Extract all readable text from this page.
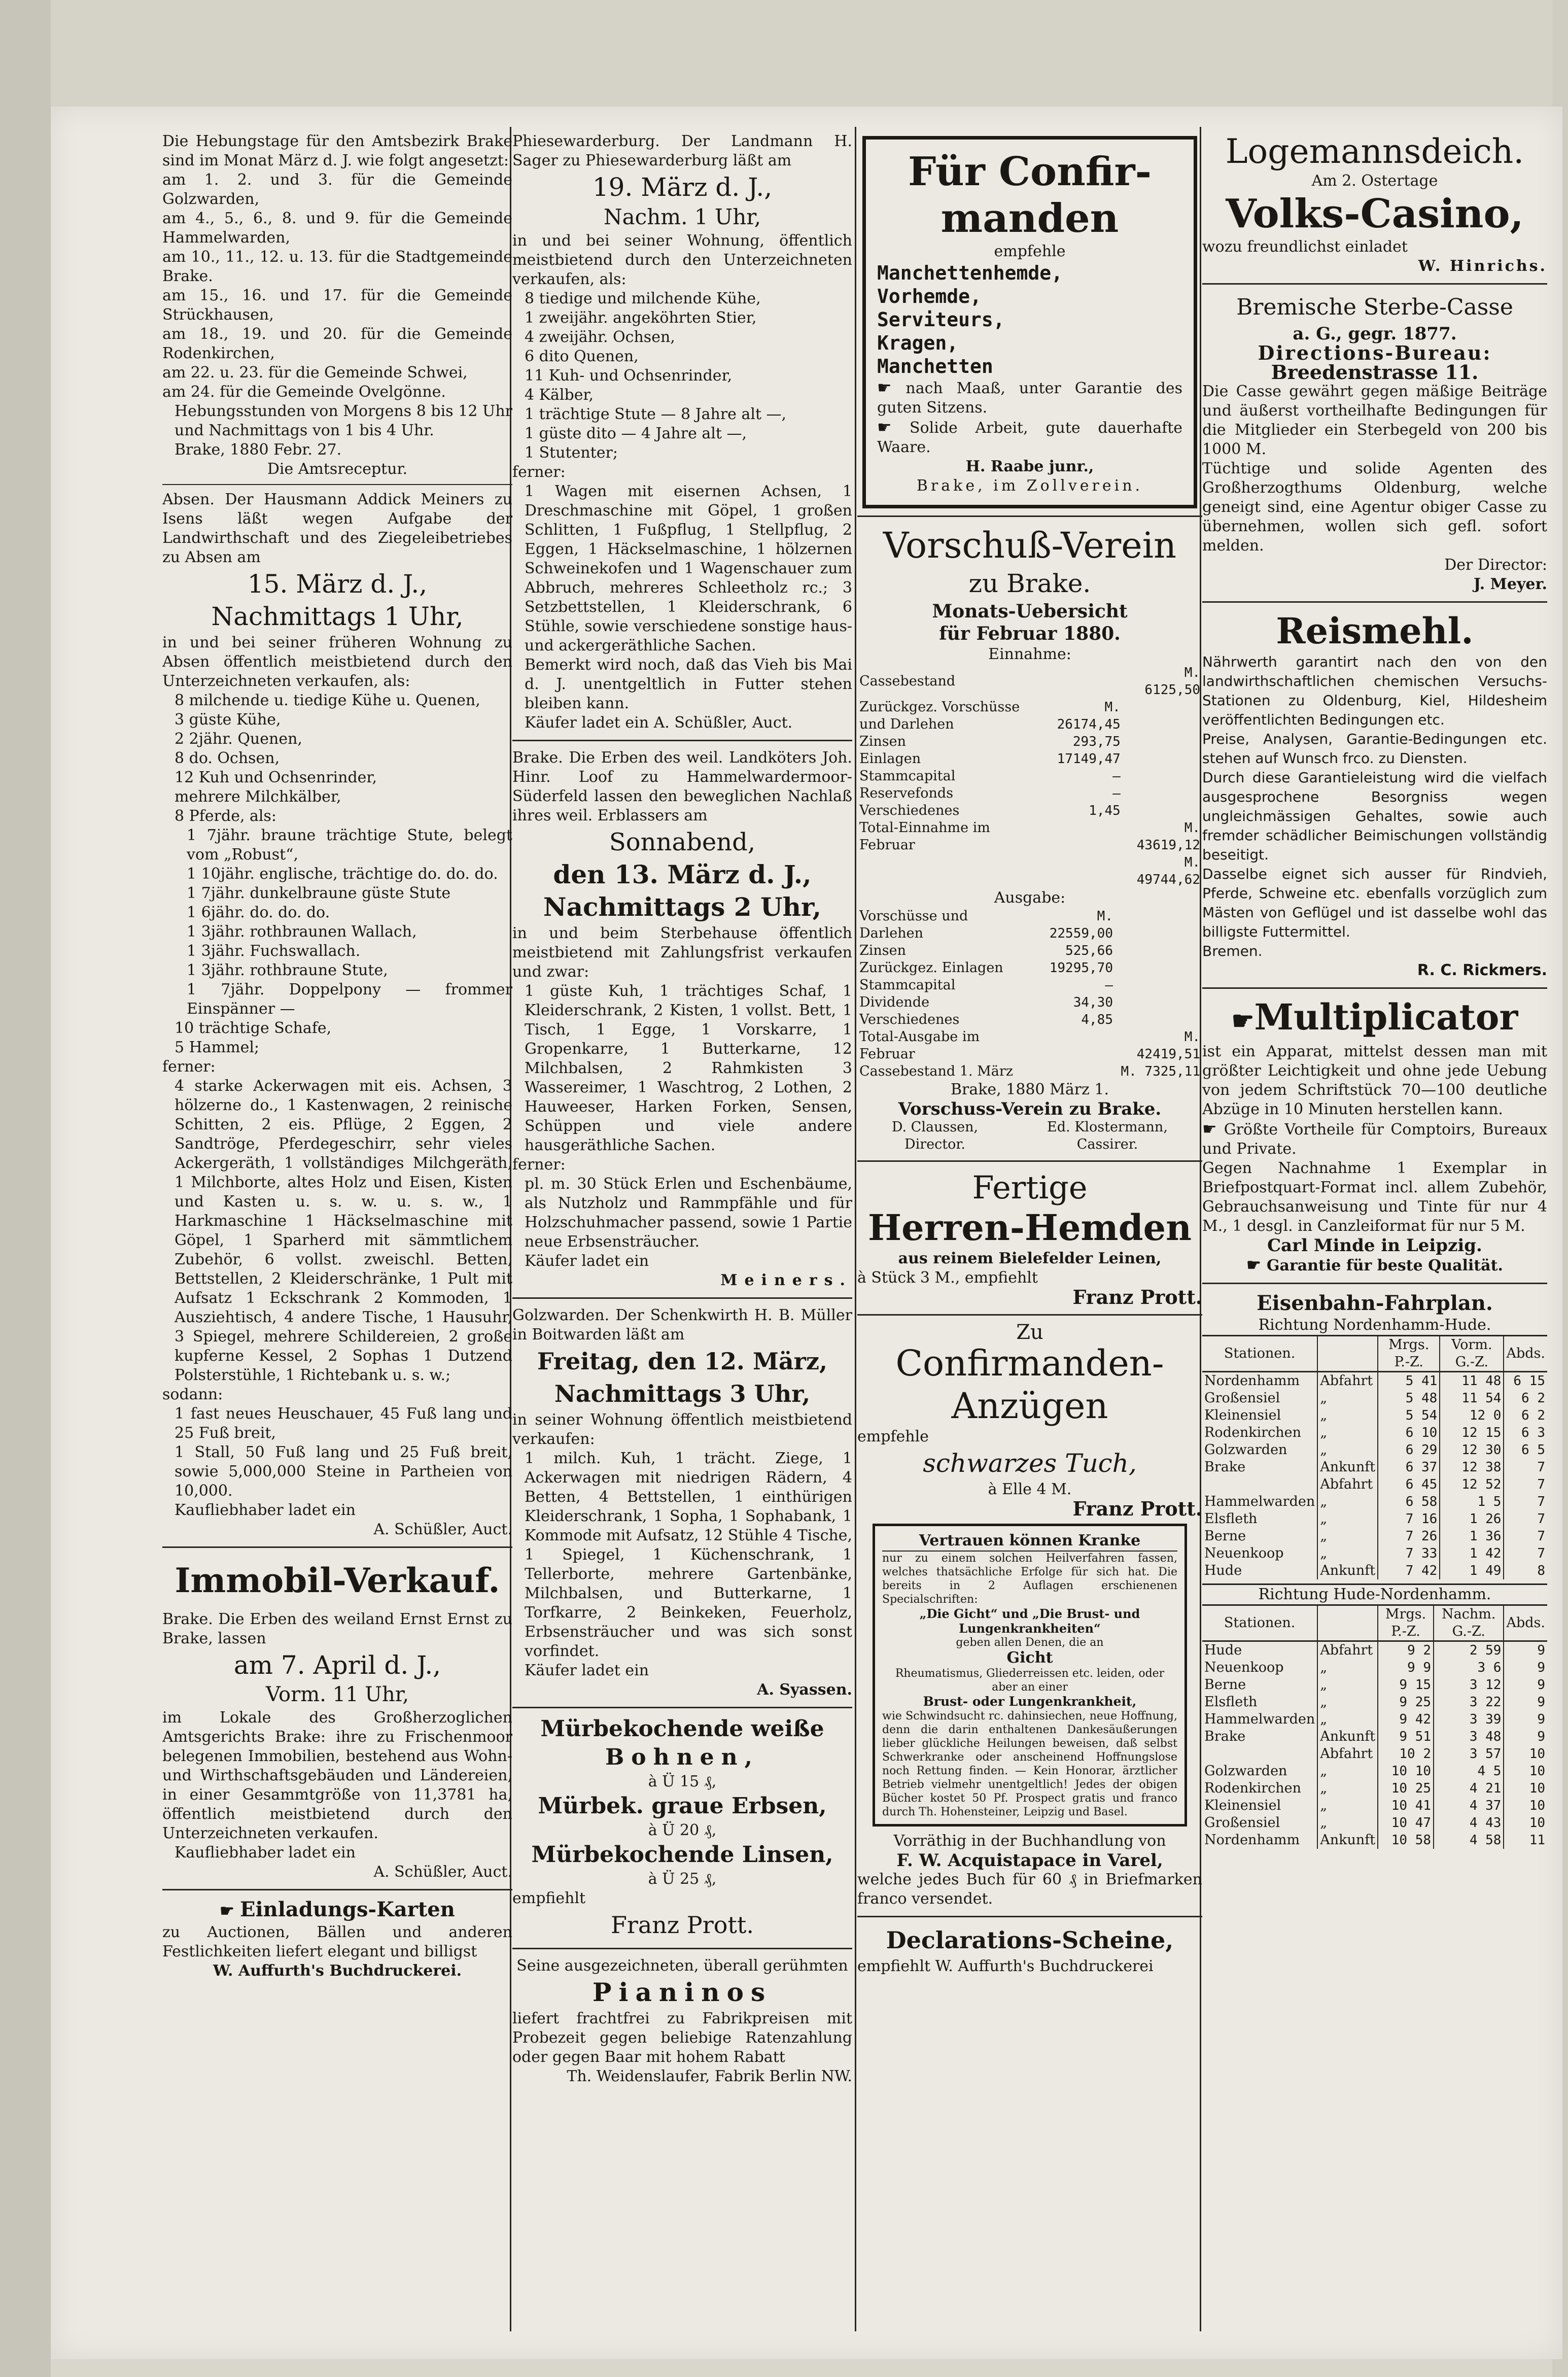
Die Hebungstage für den Amtsbezirk Brake sind im Monat März d. J. wie folgt angesetzt:

am 1. 2. und 3. für die Gemeinde Golzwarden,

am 4., 5., 6., 8. und 9. für die Gemeinde Hammelwarden,

am 10., 11., 12. u. 13. für die Stadtgemeinde Brake.

am 15., 16. und 17. für die Gemeinde Strückhausen,

am 18., 19. und 20. für die Gemeinde Rodenkirchen,

am 22. u. 23. für die Gemeinde Schwei,

am 24. für die Gemeinde Ovelgönne.

Hebungsstunden von Morgens 8 bis 12 Uhr und Nachmittags von 1 bis 4 Uhr.

Brake, 1880 Febr. 27.

Die Amtsreceptur.

Absen. Der Hausmann Addick Meiners zu Isens läßt wegen Aufgabe der Landwirthschaft und des Ziegeleibetriebes zu Absen am

15. März d. J.,

Nachmittags 1 Uhr,

in und bei seiner früheren Wohnung zu Absen öffentlich meistbietend durch den Unterzeichneten verkaufen, als:

8 milchende u. tiedige Kühe u. Quenen,

3 güste Kühe,

2 2jähr. Quenen,

8 do. Ochsen,

12 Kuh und Ochsenrinder,

mehrere Milchkälber,

8 Pferde, als:

1 7jähr. braune trächtige Stute, belegt vom „Robust“,

1 10jähr. englische, trächtige do. do. do.

1 7jähr. dunkelbraune güste Stute

1 6jähr. do. do. do.

1 3jähr. rothbraunen Wallach,

1 3jähr. Fuchswallach.

1 3jähr. rothbraune Stute,

1 7jähr. Doppelpony — frommer Einspänner —

10 trächtige Schafe,

5 Hammel;

ferner:

4 starke Ackerwagen mit eis. Achsen, 3 hölzerne do., 1 Kastenwagen, 2 reinische Schitten, 2 eis. Pflüge, 2 Eggen, 2 Sandtröge, Pferdegeschirr, sehr vieles Ackergeräth, 1 vollständiges Milchgeräth, 1 Milchborte, altes Holz und Eisen, Kisten und Kasten u. s. w. u. s. w., 1 Harkmaschine 1 Häckselmaschine mit Göpel, 1 Sparherd mit sämmtlichem Zubehör, 6 vollst. zweischl. Betten, Bettstellen, 2 Kleiderschränke, 1 Pult mit Aufsatz 1 Eckschrank 2 Kommoden, 1 Ausziehtisch, 4 andere Tische, 1 Hausuhr, 3 Spiegel, mehrere Schildereien, 2 große kupferne Kessel, 2 Sophas 1 Dutzend Polsterstühle, 1 Richtebank u. s. w.;

sodann:

1 fast neues Heuschauer, 45 Fuß lang und 25 Fuß breit,

1 Stall, 50 Fuß lang und 25 Fuß breit, sowie 5,000,000 Steine in Partheien von 10,000.

Kaufliebhaber ladet ein

A. Schüßler, Auct.

Immobil-Verkauf.

Brake. Die Erben des weiland Ernst Ernst zu Brake, lassen

am 7. April d. J.,

Vorm. 11 Uhr,

im Lokale des Großherzoglichen Amtsgerichts Brake: ihre zu Frischenmoor belegenen Immobilien, bestehend aus Wohn- und Wirthschaftsgebäuden und Ländereien, in einer Gesammtgröße von 11,3781 ha, öffentlich meistbietend durch den Unterzeichneten verkaufen.

Kaufliebhaber ladet ein

A. Schüßler, Auct.

☛ Einladungs-Karten

zu Auctionen, Bällen und anderen Festlichkeiten liefert elegant und billigst

W. Auffurth's Buchdruckerei.

Phiesewarderburg. Der Landmann H. Sager zu Phiesewarderburg läßt am

19. März d. J.,

Nachm. 1 Uhr,

in und bei seiner Wohnung, öffentlich meistbietend durch den Unterzeichneten verkaufen, als:

8 tiedige und milchende Kühe,

1 zweijähr. angeköhrten Stier,

4 zweijähr. Ochsen,

6 dito Quenen,

11 Kuh- und Ochsenrinder,

4 Kälber,

1 trächtige Stute — 8 Jahre alt —,

1 güste dito — 4 Jahre alt —,

1 Stutenter;

ferner:

1 Wagen mit eisernen Achsen, 1 Dreschmaschine mit Göpel, 1 großen Schlitten, 1 Fußpflug, 1 Stellpflug, 2 Eggen, 1 Häckselmaschine, 1 hölzernen Schweinekofen und 1 Wagenschauer zum Abbruch, mehreres Schleetholz rc.; 3 Setzbettstellen, 1 Kleiderschrank, 6 Stühle, sowie verschiedene sonstige haus- und ackergeräthliche Sachen.

Bemerkt wird noch, daß das Vieh bis Mai d. J. unentgeltlich in Futter stehen bleiben kann.

Käufer ladet ein A. Schüßler, Auct.

Brake. Die Erben des weil. Landköters Joh. Hinr. Loof zu Hammelwardermoor-Süderfeld lassen den beweglichen Nachlaß ihres weil. Erblassers am

Sonnabend,

den 13. März d. J.,

Nachmittags 2 Uhr,

in und beim Sterbehause öffentlich meistbietend mit Zahlungsfrist verkaufen und zwar:

1 güste Kuh, 1 trächtiges Schaf, 1 Kleiderschrank, 2 Kisten, 1 vollst. Bett, 1 Tisch, 1 Egge, 1 Vorskarre, 1 Gropenkarre, 1 Butterkarne, 12 Milchbalsen, 2 Rahmkisten 3 Wassereimer, 1 Waschtrog, 2 Lothen, 2 Hauweeser, Harken Forken, Sensen, Schüppen und viele andere hausgeräthliche Sachen.

ferner:

pl. m. 30 Stück Erlen und Eschenbäume, als Nutzholz und Rammpfähle und für Holzschuhmacher passend, sowie 1 Partie neue Erbsensträucher.

Käufer ladet ein

Meiners.

Golzwarden. Der Schenkwirth H. B. Müller in Boitwarden läßt am

Freitag, den 12. März,

Nachmittags 3 Uhr,

in seiner Wohnung öffentlich meistbietend verkaufen:

1 milch. Kuh, 1 trächt. Ziege, 1 Ackerwagen mit niedrigen Rädern, 4 Betten, 4 Bettstellen, 1 einthürigen Kleiderschrank, 1 Sopha, 1 Sophabank, 1 Kommode mit Aufsatz, 12 Stühle 4 Tische, 1 Spiegel, 1 Küchenschrank, 1 Tellerborte, mehrere Gartenbänke, Milchbalsen, und Butterkarne, 1 Torfkarre, 2 Beinkeken, Feuerholz, Erbsensträucher und was sich sonst vorfindet.

Käufer ladet ein

A. Syassen.

Mürbekochende weiße

Bohnen,

à Ü 15 ₰,

Mürbek. graue Erbsen,

à Ü 20 ₰,

Mürbekochende Linsen,

à Ü 25 ₰,

empfiehlt

Franz Prott.

Seine ausgezeichneten, überall gerühmten

Pianinos

liefert frachtfrei zu Fabrikpreisen mit Probezeit gegen beliebige Ratenzahlung oder gegen Baar mit hohem Rabatt

Th. Weidenslaufer, Fabrik Berlin NW.

Für Confir-

manden

empfehle

Manchettenhemde,

Vorhemde,

Serviteurs,

Kragen,

Manchetten

☛ nach Maaß, unter Garantie des guten Sitzens.

☛ Solide Arbeit, gute dauerhafte Waare.

H. Raabe junr.,

Brake, im Zollverein.

Vorschuß-Verein

zu Brake.

Monats-Uebersicht

für Februar 1880.

Einnahme:

Cassebestand		M. 6125,50
Zurückgez. Vorschüsse und Darlehen	M. 26174,45	
Zinsen	293,75	
Einlagen	17149,47	
Stammcapital	—	
Reservefonds	—	
Verschiedenes	1,45	
Total-Einnahme im Februar		M. 43619,12
		M. 49744,62

Ausgabe:

Vorschüsse und Darlehen	M. 22559,00	
Zinsen	525,66	
Zurückgez. Einlagen	19295,70	
Stammcapital	—	
Dividende	34,30	
Verschiedenes	4,85	
Total-Ausgabe im Februar		M. 42419,51
Cassebestand 1. März		M. 7325,11

Brake, 1880 März 1.

Vorschuss-Verein zu Brake.

D. Claussen, Director.	Ed. Klostermann, Cassirer.

Fertige

Herren-Hemden

aus reinem Bielefelder Leinen,

à Stück 3 M., empfiehlt

Franz Prott.

Zu

Confirmanden-

Anzügen

empfehle

schwarzes Tuch,

à Elle 4 M.

Franz Prott.

Vertrauen können Kranke

nur zu einem solchen Heilverfahren fassen, welches thatsächliche Erfolge für sich hat. Die bereits in 2 Auflagen erschienenen Specialschriften:

„Die Gicht“ und „Die Brust- und Lungenkrankheiten“

geben allen Denen, die an

Gicht

Rheumatismus, Gliederreissen etc. leiden, oder aber an einer

Brust- oder Lungenkrankheit,

wie Schwindsucht rc. dahinsiechen, neue Hoffnung, denn die darin enthaltenen Dankesäußerungen lieber glückliche Heilungen beweisen, daß selbst Schwerkranke oder anscheinend Hoffnungslose noch Rettung finden. — Kein Honorar, ärztlicher Betrieb vielmehr unentgeltlich! Jedes der obigen Bücher kostet 50 Pf. Prospect gratis und franco durch Th. Hohensteiner, Leipzig und Basel.

Vorräthig in der Buchhandlung von

F. W. Acquistapace in Varel,

welche jedes Buch für 60 ₰ in Briefmarken franco versendet.

Declarations-Scheine,

empfiehlt W. Auffurth's Buchdruckerei

Logemannsdeich.

Am 2. Ostertage

Volks-Casino,

wozu freundlichst einladet

W. Hinrichs.

Bremische Sterbe-Casse

a. G., gegr. 1877.

Directions-Bureau:

Breedenstrasse 11.

Die Casse gewährt gegen mäßige Beiträge und äußerst vortheilhafte Bedingungen für die Mitglieder ein Sterbegeld von 200 bis 1000 M.

Tüchtige und solide Agenten des Großherzogthums Oldenburg, welche geneigt sind, eine Agentur obiger Casse zu übernehmen, wollen sich gefl. sofort melden.

Der Director:

J. Meyer.

Reismehl.

Nährwerth garantirt nach den von den landwirthschaftlichen chemischen Versuchs-Stationen zu Oldenburg, Kiel, Hildesheim veröffentlichten Bedingungen etc.

Preise, Analysen, Garantie-Bedingungen etc. stehen auf Wunsch frco. zu Diensten.

Durch diese Garantieleistung wird die vielfach ausgesprochene Besorgniss wegen ungleichmässigen Gehaltes, sowie auch fremder schädlicher Beimischungen vollständig beseitigt.

Dasselbe eignet sich ausser für Rindvieh, Pferde, Schweine etc. ebenfalls vorzüglich zum Mästen von Geflügel und ist dasselbe wohl das billigste Futtermittel.

Bremen.

R. C. Rickmers.

☛Multiplicator

ist ein Apparat, mittelst dessen man mit größter Leichtigkeit und ohne jede Uebung von jedem Schriftstück 70—100 deutliche Abzüge in 10 Minuten herstellen kann.

☛ Größte Vortheile für Comptoirs, Bureaux und Private.

Gegen Nachnahme 1 Exemplar in Briefpostquart-Format incl. allem Zubehör, Gebrauchsanweisung und Tinte für nur 4 M., 1 desgl. in Canzleiformat für nur 5 M.

Carl Minde in Leipzig.

☛ Garantie für beste Qualität.

Eisenbahn-Fahrplan.

Richtung Nordenhamm-Hude.

Stationen.		Mrgs. P.-Z.	Vorm. G.-Z.	Abds.
Nordenhamm	Abfahrt	5 41	11 48	6 15
Großensiel	„	5 48	11 54	6 2
Kleinensiel	„	5 54	12 0	6 2
Rodenkirchen	„	6 10	12 15	6 3
Golzwarden	„	6 29	12 30	6 5
Brake	Ankunft	6 37	12 38	7
	Abfahrt	6 45	12 52	7
Hammelwarden	„	6 58	1 5	7
Elsfleth	„	7 16	1 26	7
Berne	„	7 26	1 36	7
Neuenkoop	„	7 33	1 42	7
Hude	Ankunft	7 42	1 49	8

Richtung Hude-Nordenhamm.

Stationen.		Mrgs. P.-Z.	Nachm. G.-Z.	Abds.
Hude	Abfahrt	9 2	2 59	9
Neuenkoop	„	9 9	3 6	9
Berne	„	9 15	3 12	9
Elsfleth	„	9 25	3 22	9
Hammelwarden	„	9 42	3 39	9
Brake	Ankunft	9 51	3 48	9
	Abfahrt	10 2	3 57	10
Golzwarden	„	10 10	4 5	10
Rodenkirchen	„	10 25	4 21	10
Kleinensiel	„	10 41	4 37	10
Großensiel	„	10 47	4 43	10
Nordenhamm	Ankunft	10 58	4 58	11
